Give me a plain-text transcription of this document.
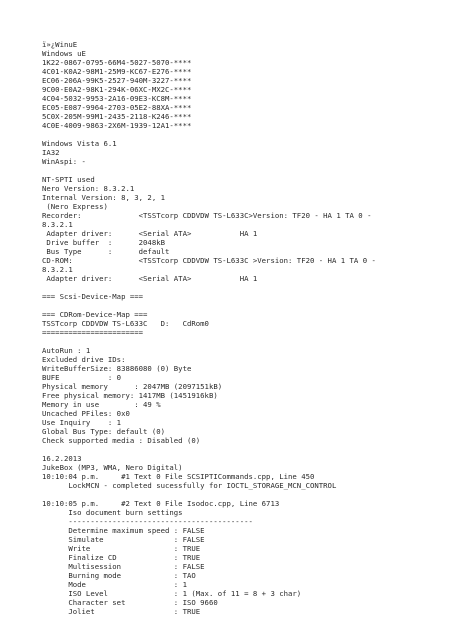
ï»¿WinuE
Windows uE
1K22-0867-0795-66M4-5027-5070-****
4C01-K0A2-98M1-25M9-KC67-E276-****
EC06-206A-99K5-2527-940M-3227-****
9C00-E0A2-98K1-294K-06XC-MX2C-****
4C04-5032-9953-2A16-09E3-KC8M-****
EC05-E087-9964-2703-05E2-88XA-****
5C0X-205M-99M1-2435-2118-K246-****
4C0E-4009-9863-2X6M-1939-12A1-****
Windows Vista 6.1
IA32
WinAspi: -
NT-SPTI used
Nero Version: 8.3.2.1
Internal Version: 8, 3, 2, 1
(Nero Express)
Recorder:             <TSSTcorp CDDVDW TS-L633C>Version: TF20 - HA 1 TA 0 -
8.3.2.1
Adapter driver:      <Serial ATA>           HA 1
Drive buffer  :      2048kB
Bus Type      :      default
CD-ROM:               <TSSTcorp CDDVDW TS-L633C >Version: TF20 - HA 1 TA 0 -
8.3.2.1
Adapter driver:      <Serial ATA>           HA 1
=== Scsi-Device-Map ===
=== CDRom-Device-Map ===
TSSTcorp CDDVDW TS-L633C   D:   CdRom0
=======================
AutoRun : 1
Excluded drive IDs:
WriteBufferSize: 83886080 (0) Byte
BUFE           : 0
Physical memory      : 2047MB (2097151kB)
Free physical memory: 1417MB (1451916kB)
Memory in use        : 49 %
Uncached PFiles: 0x0
Use Inquiry    : 1
Global Bus Type: default (0)
Check supported media : Disabled (0)
16.2.2013
JukeBox (MP3, WMA, Nero Digital)
10:10:04 p.m.     #1 Text 0 File SCSIPTICommands.cpp, Line 450
LockMCN - completed sucessfully for IOCTL_STORAGE_MCN_CONTROL
10:10:05 p.m.     #2 Text 0 File Isodoc.cpp, Line 6713
Iso document burn settings
------------------------------------------
Determine maximum speed : FALSE
Simulate                : FALSE
Write                   : TRUE
Finalize CD             : TRUE
Multisession            : FALSE
Burning mode            : TAO
Mode                    : 1
ISO Level               : 1 (Max. of 11 = 8 + 3 char)
Character set           : ISO 9660
Joliet                  : TRUE
